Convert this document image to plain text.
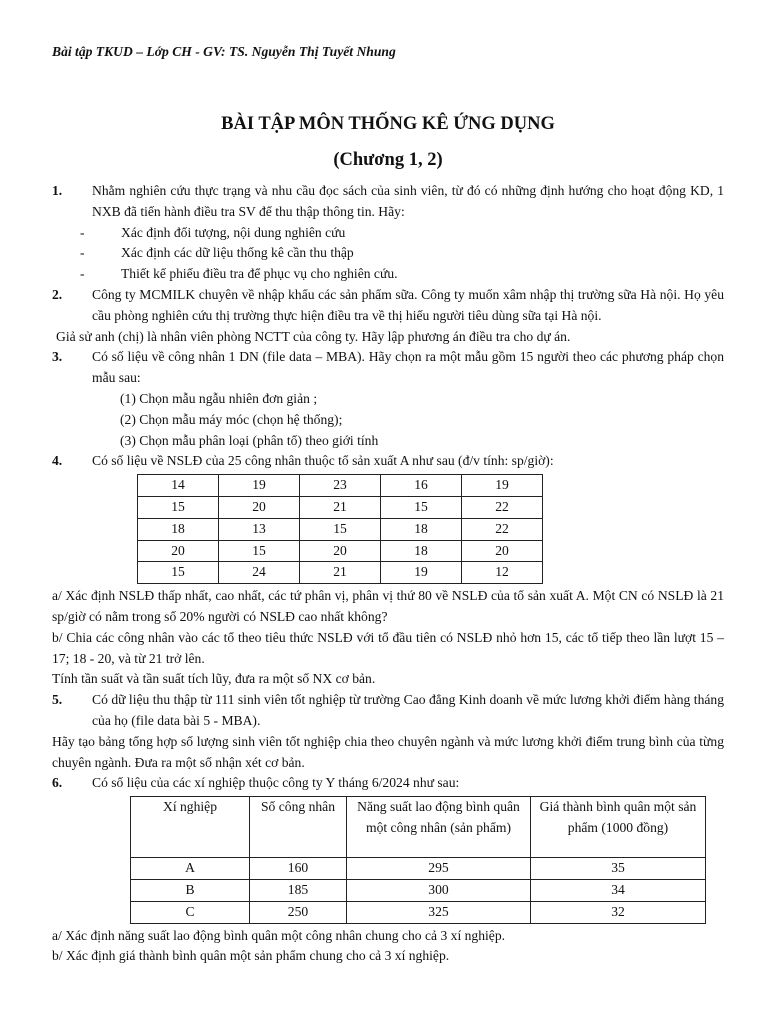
Bài tập TKUD – Lớp CH - GV: TS. Nguyễn Thị Tuyết Nhung
BÀI TẬP MÔN THỐNG KÊ ỨNG DỤNG
(Chương 1, 2)
1.	Nhằm nghiên cứu thực trạng và nhu cầu đọc sách của sinh viên, từ đó có những định hướng cho hoạt động KD, 1 NXB đã tiến hành điều tra SV để thu thập thông tin. Hãy:
-	Xác định đối tượng, nội dung nghiên cứu
-	Xác định các dữ liệu thống kê cần thu thập
-	Thiết kế phiếu điều tra để phục vụ cho nghiên cứu.
2.	Công ty MCMILK chuyên về nhập khẩu các sản phẩm sữa. Công ty muốn xâm nhập thị trường sữa Hà nội. Họ yêu cầu phòng nghiên cứu thị trường thực hiện điều tra về thị hiếu người tiêu dùng sữa tại Hà nội.
Giả sử anh (chị) là nhân viên phòng NCTT của công ty. Hãy lập phương án điều tra cho dự án.
3.	Có số liệu về công nhân 1 DN (file data – MBA). Hãy chọn ra một mẫu gồm 15 người theo các phương pháp chọn mẫu sau:
(1) Chọn mẫu ngẫu nhiên đơn giản ;
(2) Chọn mẫu máy móc (chọn hệ thống);
(3) Chọn mẫu phân loại (phân tổ) theo giới tính
4.	Có số liệu về NSLĐ của 25 công nhân thuộc tổ sản xuất A như sau (đ/v tính: sp/giờ):
14	19	23	16	19
15	20	21	15	22
18	13	15	18	22
20	15	20	18	20
15	24	21	19	12
a/ Xác định NSLĐ thấp nhất, cao nhất, các tứ phân vị, phân vị thứ 80 về NSLĐ của tổ sản xuất A. Một CN có NSLĐ là 21 sp/giờ có nằm trong số 20% người có NSLĐ cao nhất không?
b/ Chia các công nhân vào các tổ theo tiêu thức NSLĐ với tổ đầu tiên có NSLĐ nhỏ hơn 15, các tổ tiếp theo lần lượt 15 – 17; 18 - 20, và từ 21 trở lên.
Tính tần suất và tần suất tích lũy, đưa ra một số NX cơ bản.
5.	Có dữ liệu thu thập từ 111 sinh viên tốt nghiệp từ trường Cao đẳng Kinh doanh về mức lương khởi điểm hàng tháng của họ (file data bài 5 - MBA).
Hãy tạo bảng tổng hợp số lượng sinh viên tốt nghiệp chia theo chuyên ngành và mức lương khởi điểm trung bình của từng chuyên ngành. Đưa ra một số nhận xét cơ bản.
6.	Có số liệu của các xí nghiệp thuộc công ty Y tháng 6/2024 như sau:
Xí nghiệp	Số công nhân	Năng suất lao động bình quân một công nhân (sản phẩm)	Giá thành bình quân một sản phẩm (1000 đồng)
A	160	295	35
B	185	300	34
C	250	325	32
a/ Xác định năng suất lao động bình quân một công nhân chung cho cả 3 xí nghiệp.
b/ Xác định giá thành bình quân một sản phẩm chung cho cả 3 xí nghiệp.
